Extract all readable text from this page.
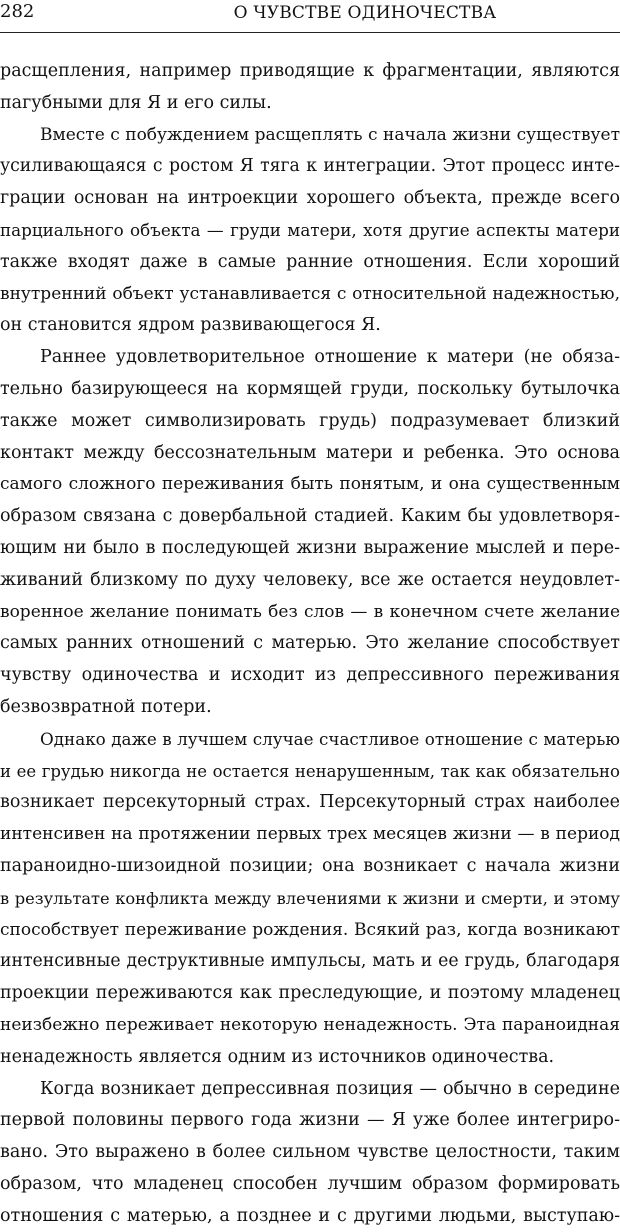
282	О ЧУВСТВЕ ОДИНОЧЕСТВА
расщепления, например приводящие к фрагментации, являются
пагубными для Я и его силы.
Вместе с побуждением расщеплять с начала жизни существует
усиливающаяся с ростом Я тяга к интеграции. Этот процесс инте-
грации основан на интроекции хорошего объекта, прежде всего
парциального объекта — груди матери, хотя другие аспекты матери
также входят даже в самые ранние отношения. Если хороший
внутренний объект устанавливается с относительной надежностью,
он становится ядром развивающегося Я.
Раннее удовлетворительное отношение к матери (не обяза-
тельно базирующееся на кормящей груди, поскольку бутылочка
также может символизировать грудь) подразумевает близкий
контакт между бессознательным матери и ребенка. Это основа
самого сложного переживания быть понятым, и она существенным
образом связана с довербальной стадией. Каким бы удовлетворя-
ющим ни было в последующей жизни выражение мыслей и пере-
живаний близкому по духу человеку, все же остается неудовлет-
воренное желание понимать без слов — в конечном счете желание
самых ранних отношений с матерью. Это желание способствует
чувству одиночества и исходит из депрессивного переживания
безвозвратной потери.
Однако даже в лучшем случае счастливое отношение с матерью
и ее грудью никогда не остается ненарушенным, так как обязательно
возникает персекуторный страх. Персекуторный страх наиболее
интенсивен на протяжении первых трех месяцев жизни — в период
параноидно-шизоидной позиции; она возникает с начала жизни
в результате конфликта между влечениями к жизни и смерти, и этому
способствует переживание рождения. Всякий раз, когда возникают
интенсивные деструктивные импульсы, мать и ее грудь, благодаря
проекции переживаются как преследующие, и поэтому младенец
неизбежно переживает некоторую ненадежность. Эта параноидная
ненадежность является одним из источников одиночества.
Когда возникает депрессивная позиция — обычно в середине
первой половины первого года жизни — Я уже более интегриро-
вано. Это выражено в более сильном чувстве целостности, таким
образом, что младенец способен лучшим образом формировать
отношения с матерью, а позднее и с другими людьми, выступаю-
